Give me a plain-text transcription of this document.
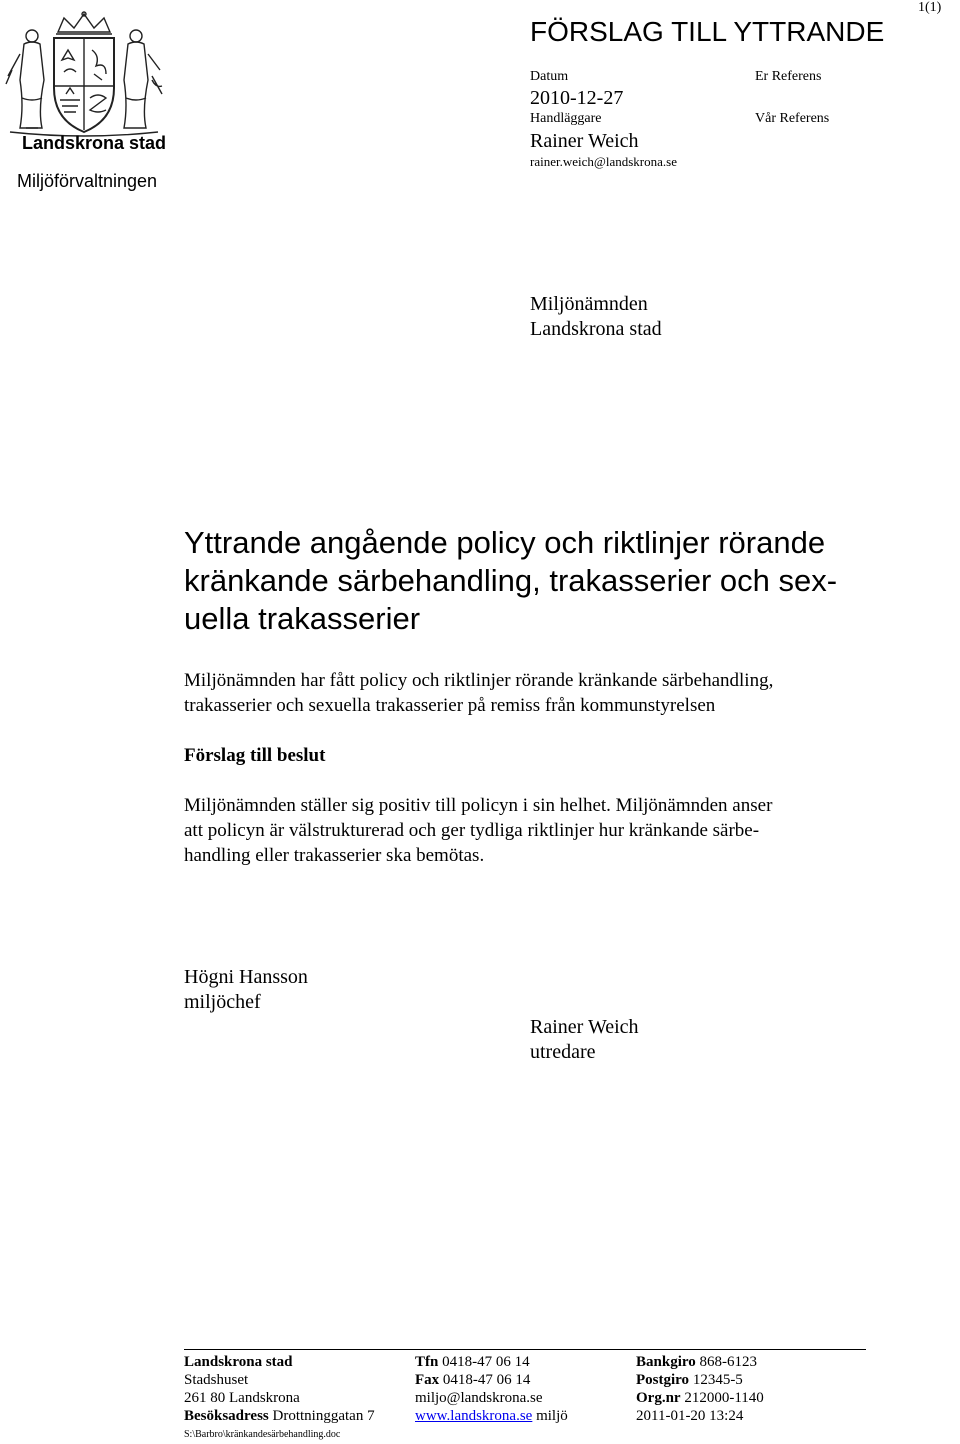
Landskrona stad
Miljöförvaltningen
1(1)
FÖRSLAG TILL YTTRANDE
Datum
2010-12-27
Handläggare
Rainer Weich
rainer.weich@landskrona.se
Er Referens
Vår Referens
Miljönämnden
Landskrona stad
Yttrande angående policy och riktlinjer rörande
kränkande särbehandling, trakasserier och sex-
uella trakasserier
Miljönämnden har fått policy och riktlinjer rörande kränkande särbehandling,
trakasserier och sexuella trakasserier på remiss från kommunstyrelsen
Förslag till beslut
Miljönämnden ställer sig positiv till policyn i sin helhet. Miljönämnden anser
att policyn är välstrukturerad och ger tydliga riktlinjer hur kränkande särbe-
handling eller trakasserier ska bemötas.
Högni Hansson
miljöchef
Rainer Weich
utredare
Landskrona stad
Stadshuset
261 80 Landskrona
Besöksadress Drottninggatan 7
Tfn 0418-47 06 14
Fax 0418-47 06 14
miljo@landskrona.se
www.landskrona.se miljö
Bankgiro 868-6123
Postgiro 12345-5
Org.nr 212000-1140
2011-01-20 13:24
S:\Barbro\kränkandesärbehandling.doc
